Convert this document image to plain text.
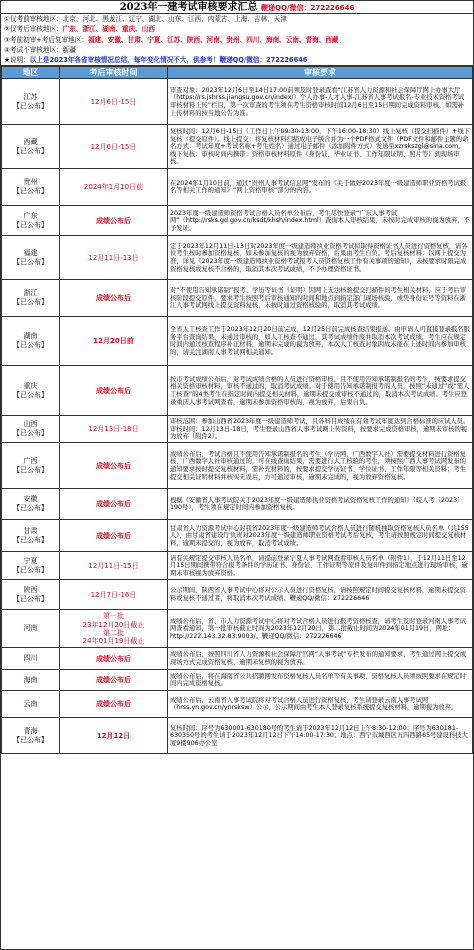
2023年一建考试审核要求汇总 鞭递QQ/微信：272226646
①仅考前审核地区：北京、河北、黑龙江、辽宁、湖北、山东、江西、内蒙古、上海、吉林、天津
②仅考后审核地区：广东、浙江、湖南、重庆、山西
③考前初审+考后复审地区：福建、安徽、甘肃、宁夏、江苏、陕西、河南、贵州、四川、海南、云南、青海、西藏
④考试不审核地区：新疆
★说明：以上是2023年各省审核情况总结，每年变化情况不大，供参考！鞭递QQ/微信：272226646
地区	考后审核时间	审核要求
江苏
【已公布】	12月6日-15日	审查对象：2023年12月6日至14日17:00前须及时登录查看“江苏省人力资源和社会保障厅网上办事大厅（https://rs.jshrss.jiangsu.gov.cn/index/）个人办事-人才人事-江苏省人事考试报名-专业技术资格考试审核材料上传”栏目，第一次审查的考生须在考生资格审核时间12月6日至15日期间完成资料审核，如需补上传材料的按当地公告为准。

西藏
【已公布】	12月6日-15日	复核时间：12月6日-15日（工作日上午09:30-13:00，下午16:00-18:30）线上复核（提交扫描件）+线下复核（提交原件）。线上提交：将复核材料扫描成电子版合并为一个PDF格式文件（PDF文件和邮件主题的命名方式：考试年度+考试名称+考生姓名）通过电子邮件（添加附件方式）发送至xzrskszgl@sina.com。线下复核：审核时间内携带：资格审核材料原件（身份证、毕业证书、工作年限证明、照片等）到现场审核。

贵州
【已公布】	2024年1月10日前	在2024年1月10日前，通过“贵州人事考试信息网”发布的《关于做好2023年度一级建造师职业资格考试报名等相关工作的通知》“网上资格审核”部分的内容。

广东
【已公布】	成绩公布后	2023年度一级建造师资格考试合格人员名单公布后，考生尽快登录“广东人事考试网”（http://rsks.gd.gov.cn/ksdt/khsh/index.html）查询本人审核结果，未按时完成审核的视为放弃，不予发证。

福建
【已公布】	12月11日-13日	定于2023年12月11日-13日对2023年度一级建造师执业资格考试拟取得资格证书人员进行资格复核，请各位考生按时参加资格复核，如未参加复核的视为放弃资格，后果由考生自负。考后复核材料：以网上提交为准，详见《2023年度一级建造师执业资格考试报考人员资格复核工作有关事项的通知》，未按要求时限完成资格复核或复核不合格的，取消其本次考试成绩，不予办理资格证书。

浙江
【已公布】	成绩公布后	对“不使用告知承诺制”报考、学历等证书（证明）因网上无法核验提交扫描件的考生相关材料，应于考后审核阶段提交原件，要求考生按照考后审核通知的时间和地点到指定部门现场核验，或凭身份证号等资料在浙江人事考试网线上提交资料复核，未按时通过资格核验的，取消其考试成绩。

湖南
【已公布】	12月20日前	全省人工核查工作于2023年12月20日前完成，12月25日前完成核查结果报送。由申请人可直接登录报名服务平台查询结果，未通过审核的，如人工核查不通过，其考试成绩作废并取消本次考试成绩，考生应在规定时间内通过核查程序补正材料，逾期未完成的视为放弃，本次人工核查对象因故未能在上述时间内参加审核的，请关注湖南人事考试网相关通知。

重庆
【已公布】	成绩公布后	按市考试成绩公布后，对考试成绩合格的人员进行资格审核，且不使用告知承诺制报名的考生，按要求提交相关资格审核材料，审核不通过的，取消考试成绩。对于使用告知承诺制报考的人员，按照“未通过”或“需人工核查”的4类考生在指定时间内提交相关材料，逾期未提交或审核不通过的，取消本次考试成绩。考生应登录重庆人事考试网查看，逾期未参加资格审核的，视为放弃，后果自负。

山西
【已公布】	12月13日-18日	审核范围：参加山西省2023年度一级建造师考试，且各科目成绩在有效考试年度达到合格标准的应试人员。审核时间：12月13日-18日，考生登录山西省人事考试网上传资料，按要求完成资格审核，逾期未审核的视为放弃（附件2）。

广西
【已公布】	成绩公布后	成绩公布后，考试合格且不使用告知承诺制报名的考生（学历网、广西数字人社）需要提交材料进行资格复核，广西数字人社审核通过的，可在线查询结果，需要进行人工核验的考生，须按照广西人事考试网发布的通知要求按时提交复核材料，需补充材料的，按要求提交学历证书、学位证书、工作年限等相关资料；考生提交相关证明材料并核实无误后，方可通过审核，逾期未完成的，视为放弃资格复核。

安徽
【已公布】	成绩公布后	根据《安徽省人事考试院关于2023年度一级建造师执业资格考试资格复核工作的通知》（皖人考〔2023〕190号），考生须在规定时间内参加资格复核。

甘肃
【已公布】	成绩公布后	甘肃省人力资源考试中心对我省2023年度一级建造师考试合格人员进行随机抽取资格复核人员名单（共155人），由甘肃省建设厅负责对2023年度一级建造师职业资格考试考后复核，考生请按照规定时间提交复核材料，逾期未提交的，视为放弃，取消考试成绩。

宁夏
【已公布】	12月11日-15日	请有关规定提交审核人员名单，请提前登录宁夏人事考试网查看审核人员名单（附件1），于12月11日至12月15日期间携带符合报考条件的学历证书、身份证、工作证明等原件及复印件到指定地点进行现场审核，逾期未审核视为放弃资格。

陕西
【已公布】	12月7日-16日	公示期间，陕西省人事考试中心将对公示人员进行资格复核，请按照规定时间提交复核材料，逾期未提交资料或复核不通过者，将取消本次考试成绩。鞭递QQ/微信：272226646

河南	第一批
23年12月20日截止
第二批
24年01月19日截止	成绩公布后，省、市人力资源考试中心将对考试合格人员进行报考资格核查，请考生及时登录河南人事考试网查看通知，第一批审核截止时间为2023年12月20日，第二批截止时间为2024年01月19日，网址：http://222.143.32.83:9003/。鞭递QQ/微信：272226646

四川	成绩公布后	成绩公布后，按照四川省人力资源和社会保障厅官网“人事考试”专栏发布的通知要求，考生通过网上提交或现场方式完成资格复核，逾期未复核的视为放弃。

海南	成绩公布后	成绩公布后，将在海南省公共招聘网发布资格复核人员名单等有关事项，资格复核人员须按照要求在规定时间内完成资格复核。

云南	成绩公布后	成绩公布后，云南省人事考试院将对考试合格人员进行资格复核，考生请登录云南人事考试网（hrss.yn.gov.cn/ynrsksw）公示，公示期间由考生本人登录复核系统提交复核材料，逾期视为放弃。

青海
【已公布】	12月12日	复核时间：序号为630001-630180号的考生请于2023年12月12日上午8:30-12:00；序号为630181-630350号的考生请于2023年12月12日下午14:00-17:30；地点：西宁市城西区五四西路65号建设科技大厦9楼906办公室
